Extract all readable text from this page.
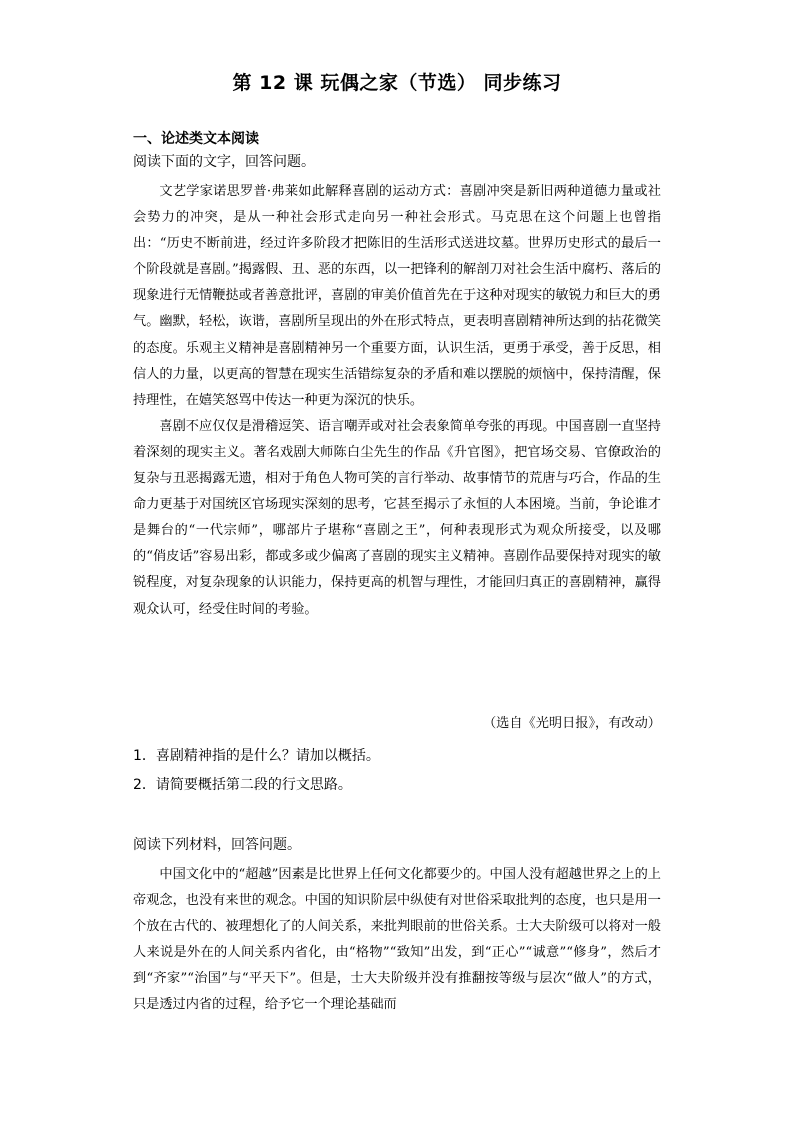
第 12 课 玩偶之家（节选） 同步练习
一、论述类文本阅读
阅读下面的文字，回答问题。

文艺学家诺思罗普·弗莱如此解释喜剧的运动方式：喜剧冲突是新旧两种道德力量或社会势力的冲突，是从一种社会形式走向另一种社会形式。马克思在这个问题上也曾指出：“历史不断前进，经过许多阶段才把陈旧的生活形式送进坟墓。世界历史形式的最后一个阶段就是喜剧。”揭露假、丑、恶的东西，以一把锋利的解剖刀对社会生活中腐朽、落后的现象进行无情鞭挞或者善意批评，喜剧的审美价值首先在于这种对现实的敏锐力和巨大的勇气。幽默，轻松，诙谐，喜剧所呈现出的外在形式特点，更表明喜剧精神所达到的拈花微笑的态度。乐观主义精神是喜剧精神另一个重要方面，认识生活，更勇于承受，善于反思，相信人的力量，以更高的智慧在现实生活错综复杂的矛盾和难以摆脱的烦恼中，保持清醒，保持理性，在嬉笑怒骂中传达一种更为深沉的快乐。

喜剧不应仅仅是滑稽逗笑、语言嘲弄或对社会表象简单夸张的再现。中国喜剧一直坚持着深刻的现实主义。著名戏剧大师陈白尘先生的作品《升官图》，把官场交易、官僚政治的复杂与丑恶揭露无遗，相对于角色人物可笑的言行举动、故事情节的荒唐与巧合，作品的生命力更基于对国统区官场现实深刻的思考，它甚至揭示了永恒的人本困境。当前，争论谁才是舞台的“一代宗师”，哪部片子堪称“喜剧之王”，何种表现形式为观众所接受，以及哪的“俏皮话”容易出彩，都或多或少偏离了喜剧的现实主义精神。喜剧作品要保持对现实的敏锐程度，对复杂现象的认识能力，保持更高的机智与理性，才能回归真正的喜剧精神，赢得观众认可，经受住时间的考验。

（选自《光明日报》，有改动）
1．喜剧精神指的是什么？请加以概括。
2．请简要概括第二段的行文思路。
阅读下列材料，回答问题。

中国文化中的“超越”因素是比世界上任何文化都要少的。中国人没有超越世界之上的上帝观念，也没有来世的观念。中国的知识阶层中纵使有对世俗采取批判的态度，也只是用一个放在古代的、被理想化了的人间关系，来批判眼前的世俗关系。士大夫阶级可以将对一般人来说是外在的人间关系内省化，由“格物”“致知”出发，到“正心”“诚意”“修身”，然后才到“齐家”“治国”与“平天下”。但是，士大夫阶级并没有推翻按等级与层次“做人”的方式，只是透过内省的过程，给予它一个理论基础而
